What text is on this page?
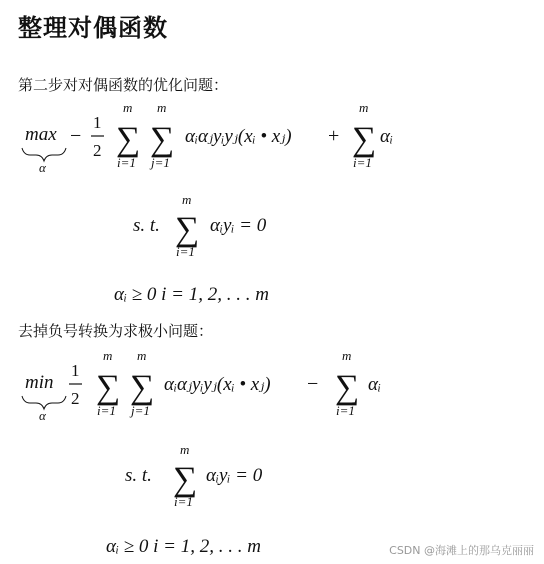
整理对偶函数
第二步对对偶函数的优化问题：
max
α
−
1
2
m
∑
i=1
m
∑
j=1
αᵢαⱼyᵢyⱼ(xᵢ • xⱼ) +
m
∑
i=1
αᵢ
s. t.
m
∑
i=1
αᵢyᵢ = 0
αᵢ ≥ 0 i = 1, 2, . . . m
去掉负号转换为求极小问题：
min
α
1
2
m
∑
i=1
m
∑
j=1
αᵢαⱼyᵢyⱼ(xᵢ • xⱼ) −
m
∑
i=1
αᵢ
s. t.
m
∑
i=1
αᵢyᵢ = 0
αᵢ ≥ 0 i = 1, 2, . . . m	CSDN @海滩上的那乌克丽丽
